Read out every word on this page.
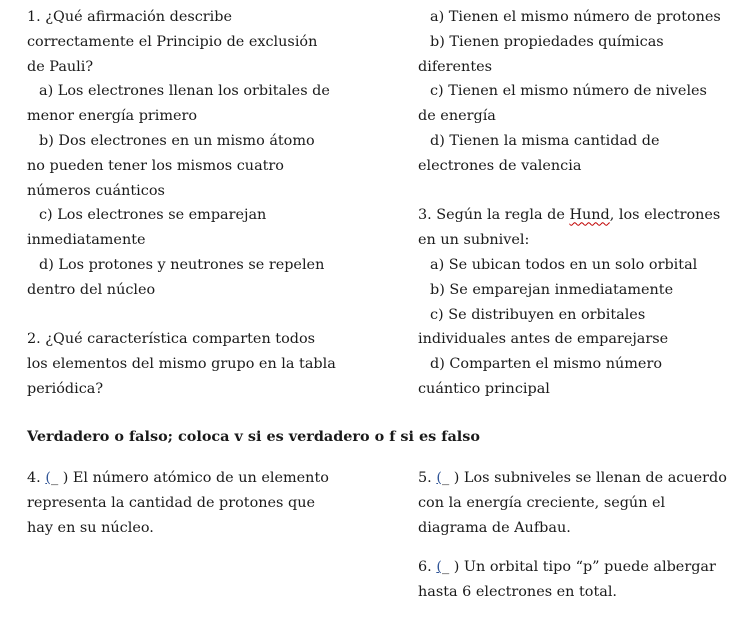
1. ¿Qué afirmación describe
correctamente el Principio de exclusión
de Pauli?
a) Los electrones llenan los orbitales de
menor energía primero
b) Dos electrones en un mismo átomo
no pueden tener los mismos cuatro
números cuánticos
c) Los electrones se emparejan
inmediatamente
d) Los protones y neutrones se repelen
dentro del núcleo
2. ¿Qué característica comparten todos
los elementos del mismo grupo en la tabla
periódica?
a) Tienen el mismo número de protones
b) Tienen propiedades químicas
diferentes
c) Tienen el mismo número de niveles
de energía
d) Tienen la misma cantidad de
electrones de valencia
3. Según la regla de Hund, los electrones
en un subnivel:
a) Se ubican todos en un solo orbital
b) Se emparejan inmediatamente
c) Se distribuyen en orbitales
individuales antes de emparejarse
d) Comparten el mismo número
cuántico principal
Verdadero o falso; coloca v si es verdadero o f si es falso
4. (_ ) El número atómico de un elemento
representa la cantidad de protones que
hay en su núcleo.
5. (_ ) Los subniveles se llenan de acuerdo
con la energía creciente, según el
diagrama de Aufbau.
6. (_ ) Un orbital tipo “p” puede albergar
hasta 6 electrones en total.
